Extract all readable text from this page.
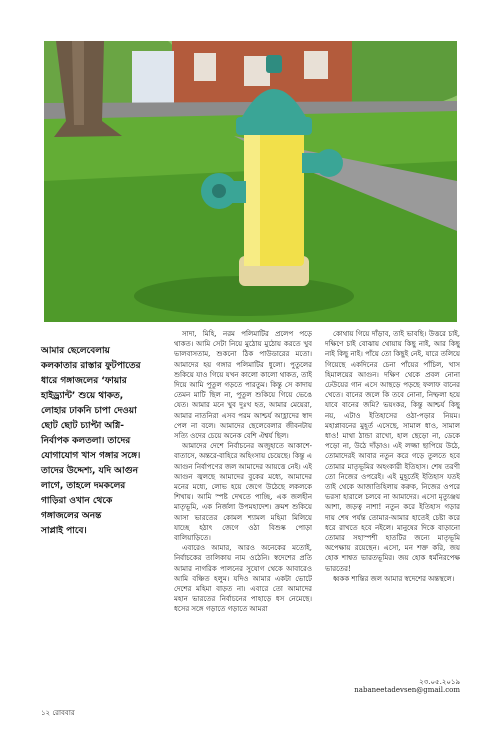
আমার ছেলেবেলায়
কলকাতার রাস্তার ফুটপাতের
ধারে গঙ্গাজলের ‘ফায়ার
হাইড্র্যান্ট’ শুয়ে থাকত,
লোহার ঢাকনি চাপা দেওয়া
ছোট ছোট চ্যাপ্টা অগ্নি-
নির্বাপক কলতলা। তাদের
যোগাযোগ খাস গঙ্গার সঙ্গে।
তাদের উদ্দেশ্য, যদি আগুন
লাগে, তাহলে দমকলের
গাড়িরা ওখান থেকে
গঙ্গাজলের অনন্ত
সাপ্লাই পাবে।

সাদা, মিহি, নরম পলিমাটির প্রলেপ পড়ে থাকত। আমি সেটা নিয়ে মুঠোয় মুঠোয় করতে খুব ভালবাসতাম, শুকনো ঠিক পাউডারের মতো। আমাদের হয় গঙ্গার পলিমাটির ধুলো। পুতুলের শুকিয়ে যাও গিয়ে যখন কালো কালো থাকত, তাই দিয়ে আমি পুতুল গড়তে পারতুম। কিন্তু সে কাদায় তেমন মাটি ছিল না, পুতুল শুকিয়ে গিয়ে ভেঙে যেত। আমার মনে খুব দুঃখ হত, আমার মেয়েরা, আমার নাতনিরা এসব পরম আশ্চর্য আহ্লাদের স্বাদ পেল না বলে। আমাদের ছেলেবেলার জীবনটায় সত্যি ওদের চেয়ে অনেক বেশি ঐশ্বর্য ছিল।

আমাদের দেশে নির্বাচনের অজুহাতে আকাশে-বাতাসে, অন্তরে-বাহিরে অহিংসায় চেয়েছে। কিন্তু এ আগুন নির্বাপণের জল আমাদের আয়ত্তে নেই। এই আগুন জ্বলছে আমাদের বুকের মধ্যে, আমাদের মনের মধ্যে, লোভ হয়ে জেগে উঠেছে লকলকে শিখায়। আমি স্পষ্ট দেখতে পাচ্ছি, এক জলহীন মাতৃভূমি, এক নির্জলা উপমহাদেশ। ক্রমশ শুকিয়ে আসা ভারতের কোমল শ্যামল মহিমা মিলিয়ে যাচ্ছে হঠাৎ জেগে ওঠা বিশুষ্ক পোড়া বালিয়াড়িতে।

এবারেও আমার, আরও অনেকের মতোই, নির্বাচকের তালিকায় নাম ওঠেনি। স্বদেশের প্রতি আমার নাগরিক পালনের সুযোগ থেকে আবারেও আমি বঞ্চিত হলুম। যদিও আমার একটা ভোটে দেশের মহিমা বাড়ত না। এবারে তো আমাদের মহান ভারতের নির্বাচনের পাহাড়ে ধস নেমেছে। ধসের সঙ্গে গড়াতে গড়াতে আমরা

কোথায় গিয়ে দাঁড়াব, তাই ভাবছি। উত্তরে চাই, দক্ষিণে চাই বোঝায় থোয়ায় কিছু নাই, আর কিছু নাই কিছু নাই। পাঁয়ে তো কিছুই নেই, যারে তলিয়ে গিয়েছে একদিনের চেনা পাঁয়ের পাঁচিল, খাস হিমালয়ের আগুন। দক্ষিণ থেকে প্রবল নোনা ঢেউয়ের গান এসে আছড়ে পড়ছে ফলাফ বানের খেতে। বানের জলে কি তবে নোনা, নিষ্ফলা হয়ে যাবে বানের জমি? ভয়ংকর, কিন্তু আশ্চর্য কিছু নয়, এটাও ইতিহাসের ওঠা-পড়ার নিয়ম। মহাপ্লাবনের মুহূর্ত এসেছে, সামাল ধাও, সামাল ধাও! মাথা ঠান্ডা রাখো, হাল ছেড়ো না, ডেকে পড়ো না, উঠে দাঁড়াও। এই লজ্জা ছাপিয়ে উঠে, তোমাদেরই আবার নতুন করে গড়ে তুলতে হবে তোমার মাতৃভূমির অহংকারী ইতিহাস। শেষ তরণী তো নিজের ওপরেই। এই মুহূর্তেই ইতিহাস যতই তাই থেকে আজাতিহিলায় করুক, নিজের ওপরে ভরসা হারালে চলবে না আমাদের। এসো মৃত্যুঞ্জয় আশা, জড়ত্ব নাশা! নতুন করে ইতিহাস গড়ার দায় শেষ পর্যন্ত তোমার-আমার হাতেই চেষ্টা করে ধরে রাখতে হবে নইলে। মানুষের দিকে বাড়ানো তোমার সহাস্পশী হাতটির জন্যে মাতৃভূমি অপেক্ষায় রয়েছেন। এসো, মন শক্ত করি, জয় হোক শাশ্বত ভারতভূমির। জয় হোক ধর্মনিরপেক্ষ ভারতের!

ধ্বকক শান্তির জল আমার স্বদেশের অন্তস্থলে।

২৩.০৫.২০১৯
nabaneetadevsen@gmail.com
১২ রোববার
